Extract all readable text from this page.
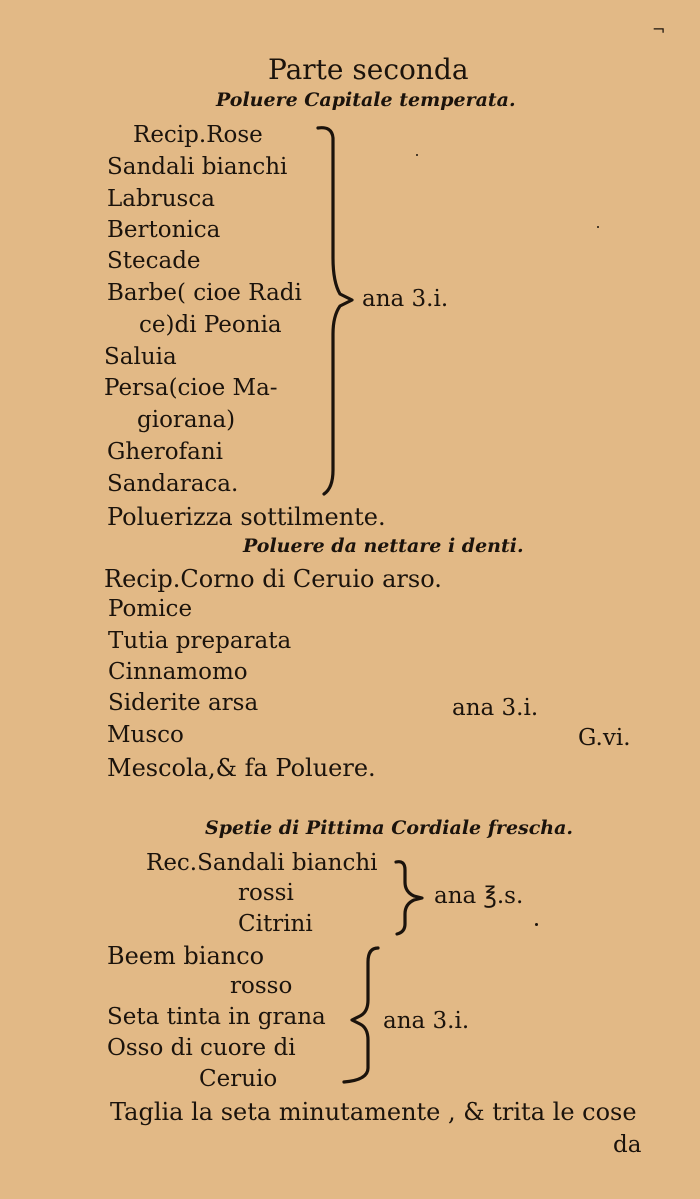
¬
Parte seconda
Poluere Capitale temperata.
Recip.Rose
Sandali bianchi
Labrusca
Bertonica
Stecade
Barbe( cioe Radi
ce)di Peonia
Saluia
Persa(cioe Ma-
giorana)
Gherofani
Sandaraca.
ana 3.i.
Poluerizza sottilmente.
Poluere da nettare i denti.
Recip.Corno di Ceruio arso.
Pomice
Tutia preparata
Cinnamomo
Siderite arsa
Musco
Mescola,& fa Poluere.
ana 3.i.
G.vi.
Spetie di Pittima Cordiale frescha.
Rec.Sandali bianchi
rossi
Citrini
ana ℥.s.
Beem bianco
rosso
Seta tinta in grana
Osso di cuore di
Ceruio
ana 3.i.
Taglia la seta minutamente , & trita le cose
da
